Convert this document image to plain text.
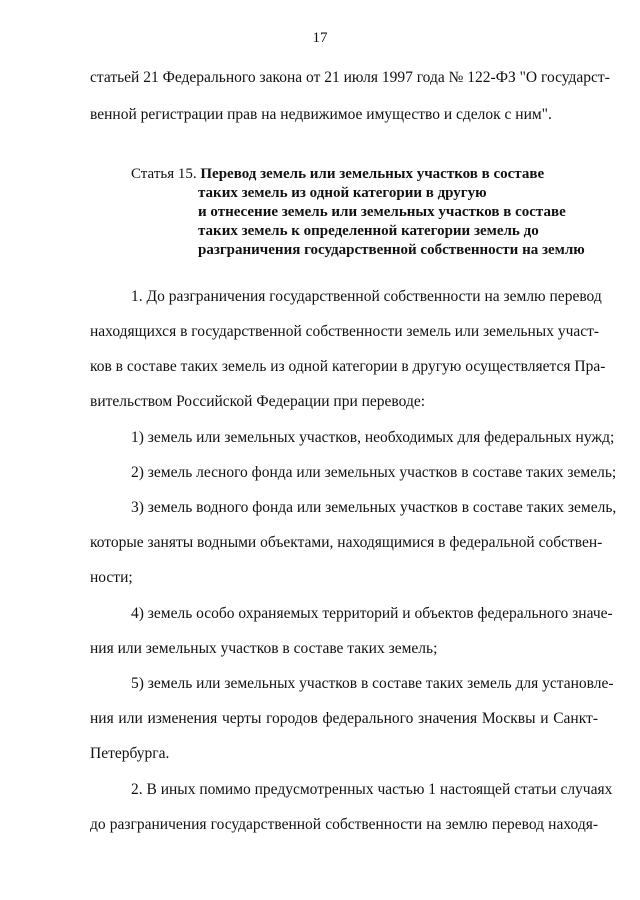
17
статьей 21 Федерального закона от 21 июля 1997 года № 122-ФЗ "О государст-
венной регистрации прав на недвижимое имущество и сделок с ним".
Статья 15. Перевод земель или земельных участков в составе
таких земель из одной категории в другую
и отнесение земель или земельных участков в составе
таких земель к определенной категории земель до
разграничения государственной собственности на землю
1. До разграничения государственной собственности на землю перевод
находящихся в государственной собственности земель или земельных участ-
ков в составе таких земель из одной категории в другую осуществляется Пра-
вительством Российской Федерации при переводе:
1) земель или земельных участков, необходимых для федеральных нужд;
2) земель лесного фонда или земельных участков в составе таких земель;
3) земель водного фонда или земельных участков в составе таких земель,
которые заняты водными объектами, находящимися в федеральной собствен-
ности;
4) земель особо охраняемых территорий и объектов федерального значе-
ния или земельных участков в составе таких земель;
5) земель или земельных участков в составе таких земель для установле-
ния или изменения черты городов федерального значения Москвы и Санкт-
Петербурга.
2. В иных помимо предусмотренных частью 1 настоящей статьи случаях
до разграничения государственной собственности на землю перевод находя-
